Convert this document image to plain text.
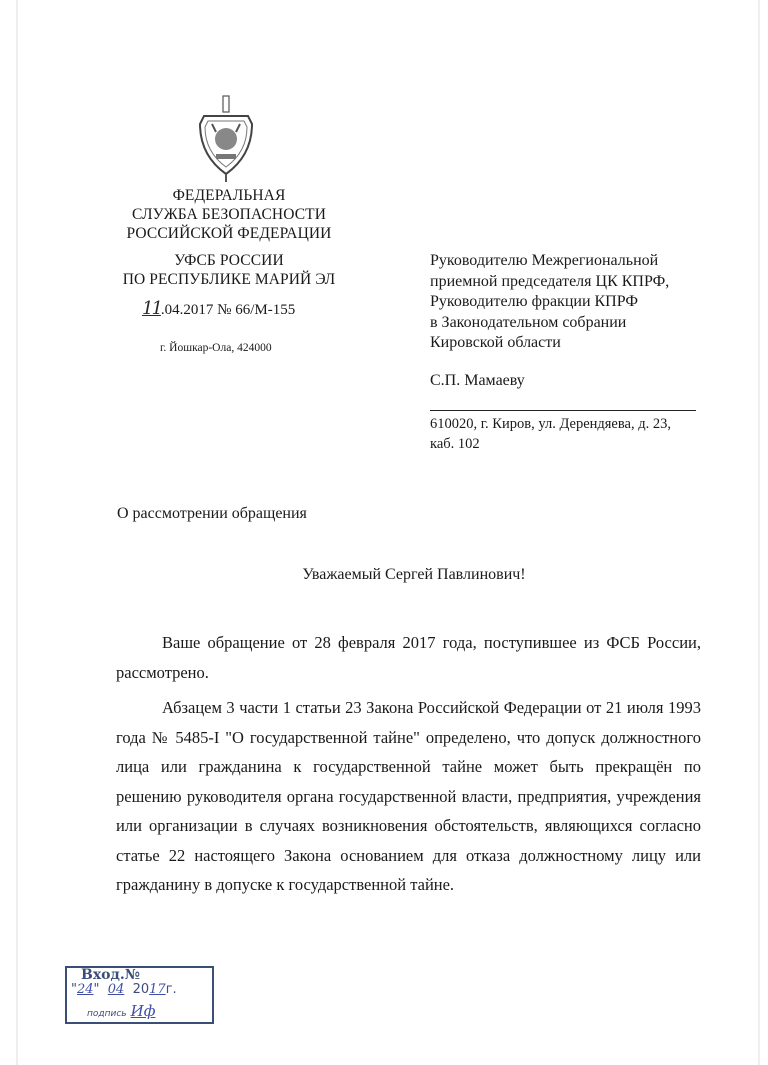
ФЕДЕРАЛЬНАЯ
СЛУЖБА БЕЗОПАСНОСТИ
РОССИЙСКОЙ ФЕДЕРАЦИИ
УФСБ РОССИИ
ПО РЕСПУБЛИКЕ МАРИЙ ЭЛ
11.04.2017 № 66/М-155
г. Йошкар-Ола, 424000
Руководителю Межрегиональной
приемной председателя ЦК КПРФ,
Руководителю фракции КПРФ
в Законодательном собрании
Кировской области
С.П. Мамаеву
610020, г. Киров, ул. Дерендяева, д. 23,
каб. 102
О рассмотрении обращения
Уважаемый Сергей Павлинович!

Ваше обращение от 28 февраля 2017 года, поступившее из ФСБ России, рассмотрено.

Абзацем 3 части 1 статьи 23 Закона Российской Федерации от 21 июля 1993 года № 5485-I "О государственной тайне" определено, что допуск должностного лица или гражданина к государственной тайне может быть прекращён по решению руководителя органа государственной власти, предприятия, учреждения или организации в случаях возникновения обстоятельств, являющихся согласно статье 22 настоящего Закона основанием для отказа должностному лицу или гражданину в допуске к государственной тайне.

Вход.№
"24"  04 2017г.
подпись Иф
